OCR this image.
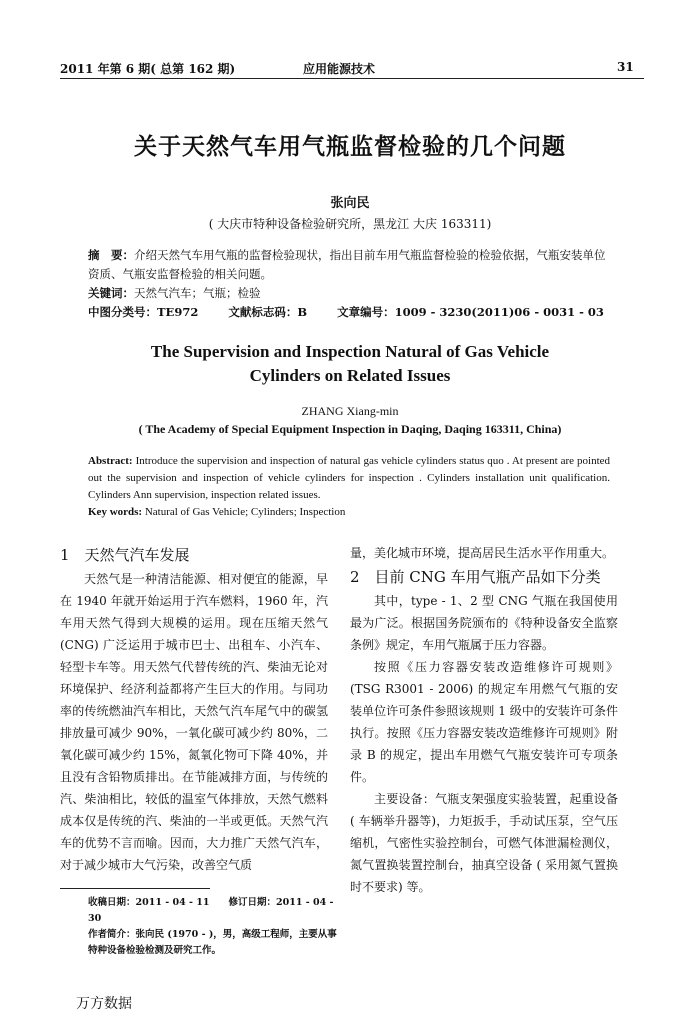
2011 年第 6 期( 总第 162 期)	应用能源技术	31
关于天然气车用气瓶监督检验的几个问题
张向民
( 大庆市特种设备检验研究所，黑龙江 大庆 163311)
摘　要：介绍天然气车用气瓶的监督检验现状，指出目前车用气瓶监督检验的检验依据，气瓶安装单位资质、气瓶安监督检验的相关问题。
关键词：天然气汽车；气瓶；检验
中图分类号：TE972	文献标志码：B	文章编号：1009 - 3230(2011)06 - 0031 - 03
The Supervision and Inspection Natural of Gas Vehicle
Cylinders on Related Issues
ZHANG Xiang-min
( The Academy of Special Equipment Inspection in Daqing, Daqing 163311, China)
Abstract: Introduce the supervision and inspection of natural gas vehicle cylinders status quo . At present are pointed out the supervision and inspection of vehicle cylinders for inspection . Cylinders installation unit qualification. Cylinders Ann supervision, inspection related issues.
Key words: Natural of Gas Vehicle; Cylinders; Inspection
1　天然气汽车发展

天然气是一种清洁能源、相对便宜的能源，早在 1940 年就开始运用于汽车燃料，1960 年，汽车用天然气得到大规模的运用。现在压缩天然气 (CNG) 广泛运用于城市巴士、出租车、小汽车、轻型卡车等。用天然气代替传统的汽、柴油无论对环境保护、经济利益都将产生巨大的作用。与同功率的传统燃油汽车相比，天然气汽车尾气中的碳氢排放量可减少 90%，一氧化碳可减少约 80%，二氧化碳可减少约 15%，氮氧化物可下降 40%，并且没有含铅物质排出。在节能减排方面，与传统的汽、柴油相比，较低的温室气体排放，天然气燃料成本仅是传统的汽、柴油的一半或更低。天然气汽车的优势不言而喻。因而，大力推广天然气汽车，对于减少城市大气污染，改善空气质

量，美化城市环境，提高居民生活水平作用重大。

2　目前 CNG 车用气瓶产品如下分类

其中，type - 1、2 型 CNG 气瓶在我国使用最为广泛。根据国务院颁布的《特种设备安全监察条例》规定，车用气瓶属于压力容器。

按照《压力容器安装改造维修许可规则》(TSG R3001 - 2006) 的规定车用燃气气瓶的安装单位许可条件参照该规则 1 级中的安装许可条件执行。按照《压力容器安装改造维修许可规则》附录 B 的规定，提出车用燃气气瓶安装许可专项条件。

主要设备：气瓶支架强度实验装置，起重设备 ( 车辆举升器等)，力矩扳手，手动试压泵，空气压缩机，气密性实验控制台，可燃气体泄漏检测仪，氮气置换装置控制台，抽真空设备 ( 采用氮气置换时不要求) 等。

收稿日期：2011 - 04 - 11　　修订日期：2011 - 04 - 30
作者简介：张向民 (1970 - )，男，高级工程师，主要从事特种设备检验检测及研究工作。
万方数据
